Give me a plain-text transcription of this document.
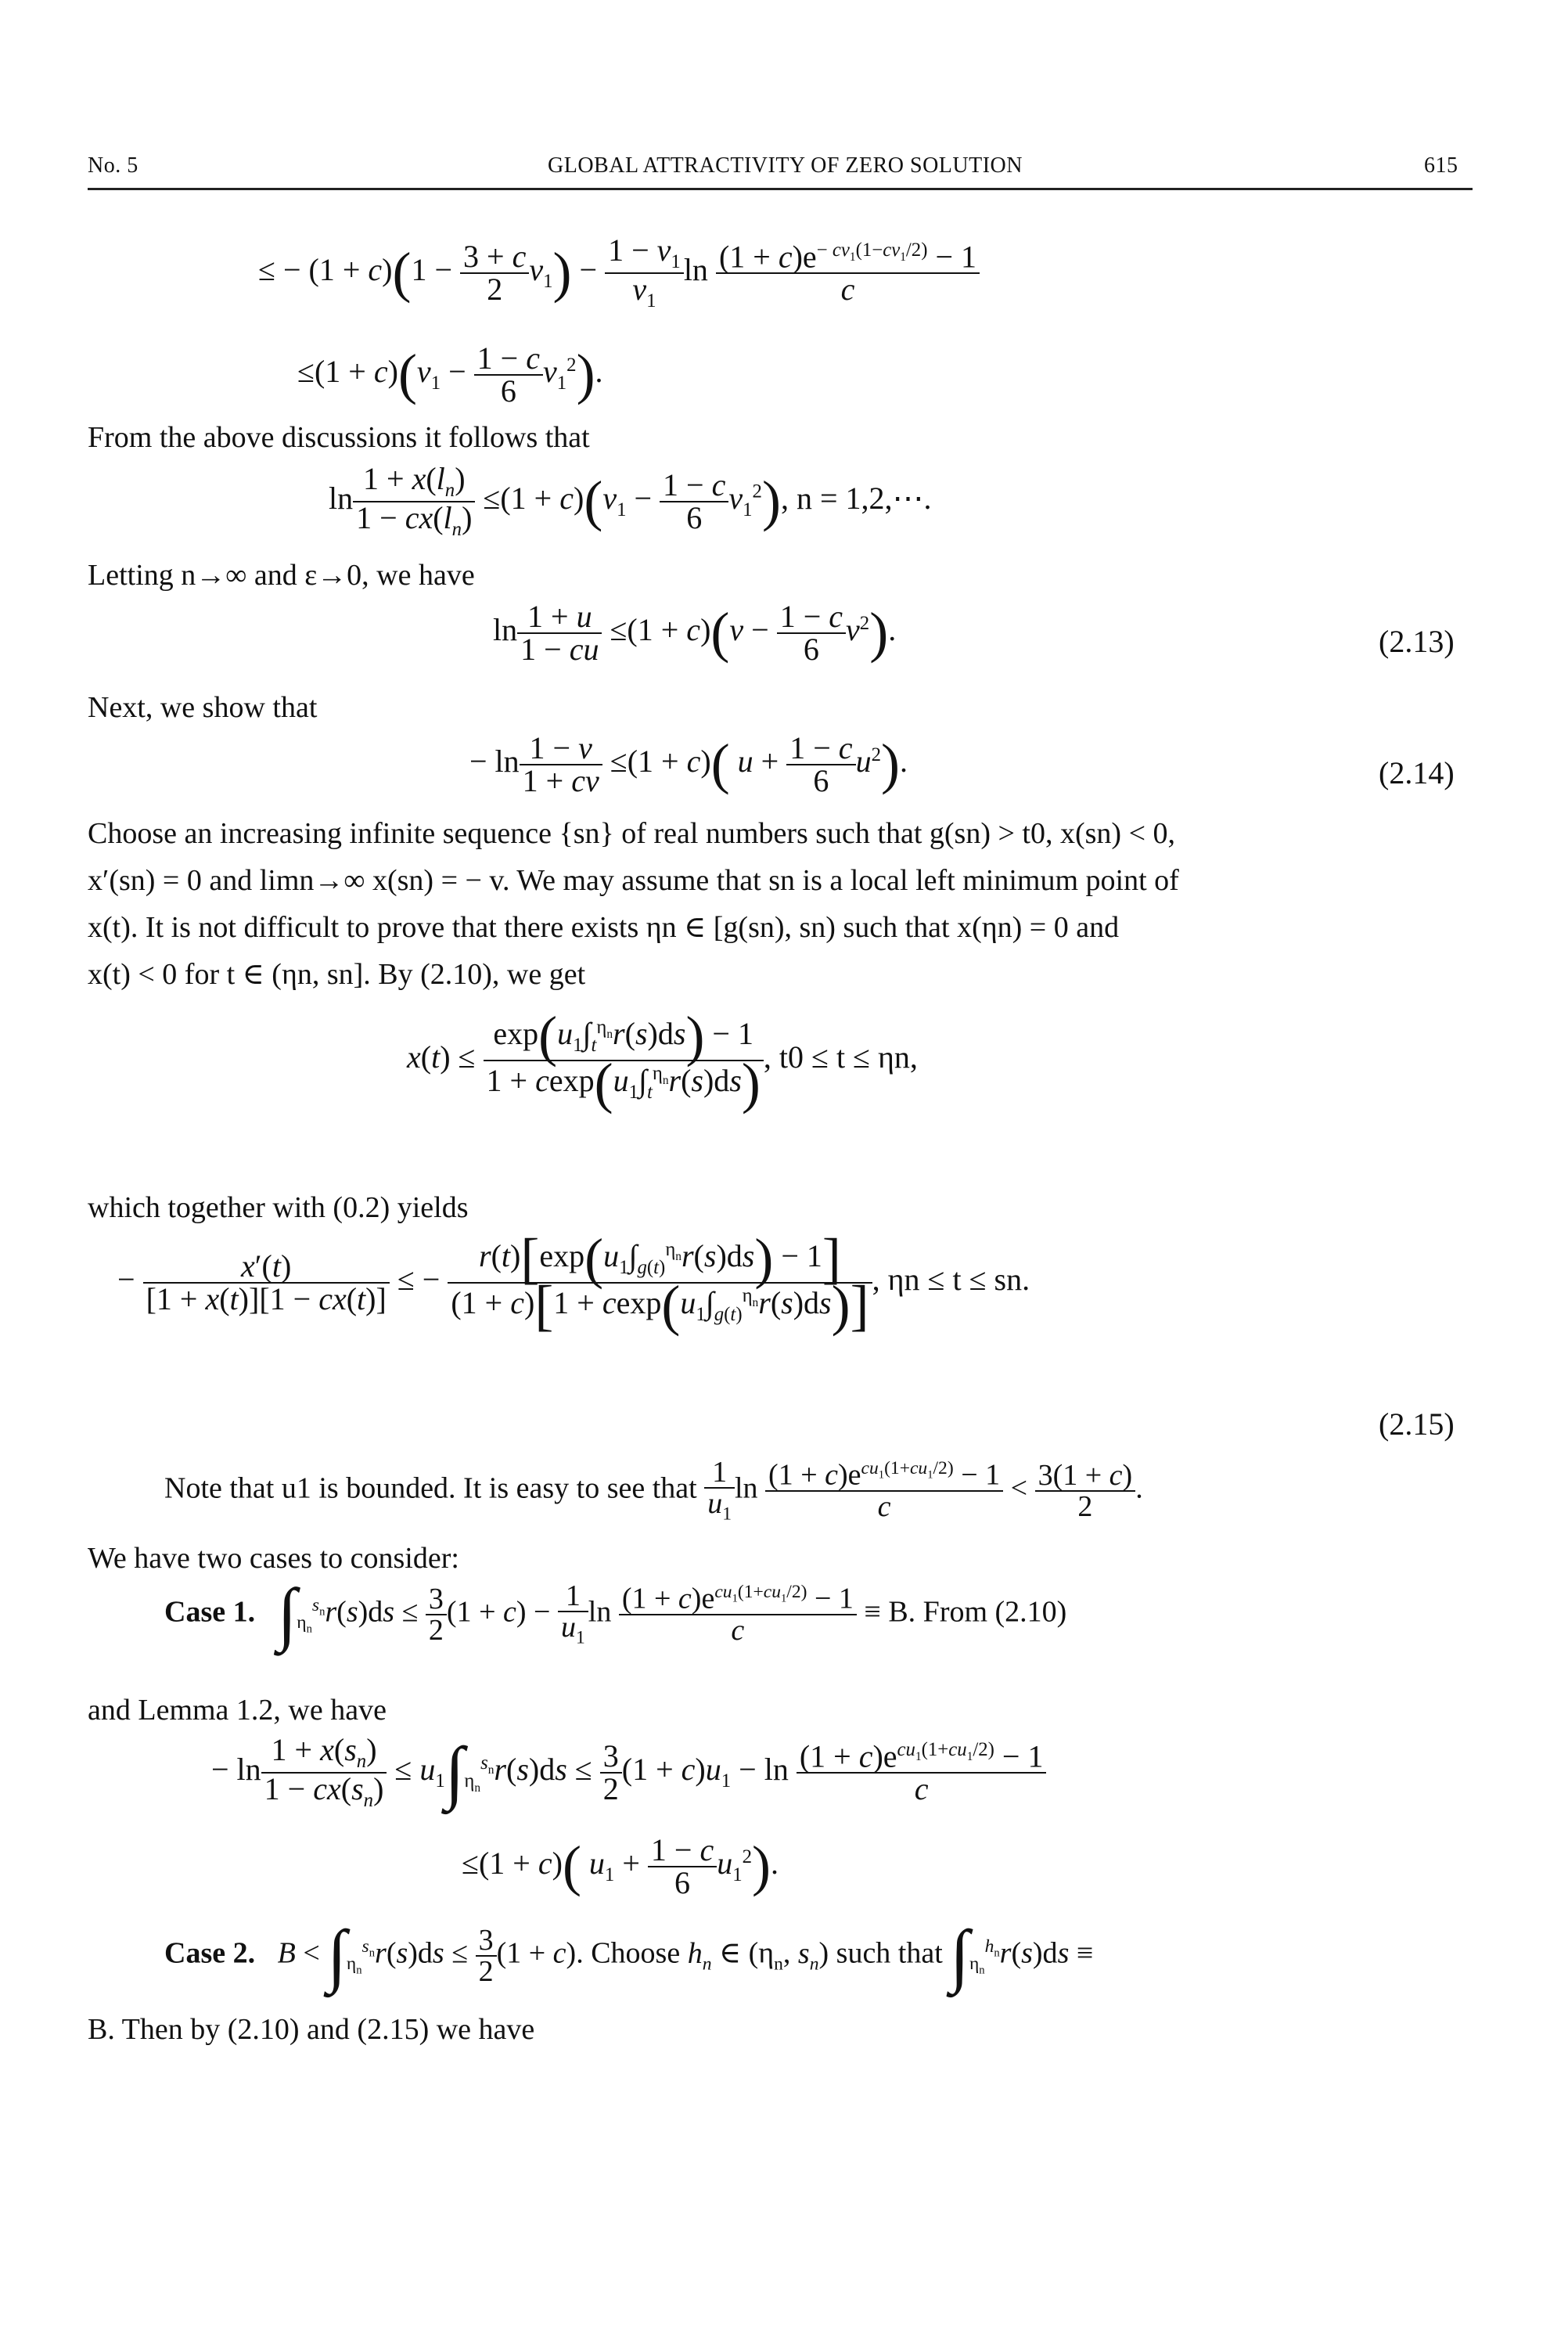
No. 5	GLOBAL ATTRACTIVITY OF ZERO SOLUTION	615
≤ − $(1 + c)(1 - \frac{3 + c}{2} v_1) - \frac{1 - v_1}{v_1}$ $\ln \frac{(1 + c)e^{- cv_1(1-cv_1/2)} - 1}{c}$
$\le(1 + c)(v_1 - \frac{1 - c}{6} v_1^2)$.
From the above discussions it follows that
$\ln \frac{1 + x(l_n)}{1 - cx(l_n)} \le(1 + c)(v_1 - \frac{1 - c}{6} v_1^2)$, n = 1,2,⋯.
Letting n→∞ and ε→0, we have
$\ln \frac{1 + u}{1 - cu} \le(1 + c)(v - \frac{1 - c}{6} v^2)$.	(2.13)
Next, we show that
− $\ln \frac{1 - v}{1 + cv} \le(1 + c)$( $u + \frac{1 - c}{6} u^2$).	(2.14)
Choose an increasing infinite sequence {sn} of real numbers such that g(sn) > t0, x(sn) < 0,
x′(sn) = 0 and limn→∞ x(sn) = − v. We may assume that sn is a local left minimum point of
x(t). It is not difficult to prove that there exists ηn ∈ [g(sn), sn) such that x(ηn) = 0 and
x(t) < 0 for t ∈ (ηn, sn]. By (2.10), we get
$x(t) \le \frac{\exp(u_1\int_t^{\eta_n}r(s)ds) - 1}{1 + cexp(u_1\int_t^{\eta_n}r(s)ds)}$ , t0 ≤ t ≤ ηn,
which together with (0.2) yields
− $\frac{x'(t)}{[1 + x(t)][1 - cx(t)]}$ ≤ − $\frac{r(t)[\exp(u_1\int_{g(t)}^{\eta_n}r(s)ds) - 1]}{(1 + c)[1 + cexp(u_1\int_{g(t)}^{\eta_n}r(s)ds)]}$ , ηn ≤ t ≤ sn.
(2.15)
Note that u1 is bounded. It is easy to see that $\frac{1}{u_1}$ $\ln \frac{(1 + c)e^{cu_1(1+cu_1/2)} - 1}{c} < \frac{3(1 + c)}{2}$ .
We have two cases to consider:
Case 1. $\int_{\eta_n}^{s_n}r(s)ds \le \frac{3}{2} (1 + c) - \frac{1}{u_1}$ $\ln \frac{(1 + c)e^{cu_1(1+cu_1/2)} - 1}{c} \equiv B$. From (2.10)
and Lemma 1.2, we have
− $\ln \frac{1 + x(s_n)}{1 - cx(s_n)} \le u_1\int_{\eta_n}^{s_n}r(s)ds \le \frac{3}{2} (1 + c)u_1 - \ln \frac{(1 + c)e^{cu_1(1+cu_1/2)} - 1}{c}$
≤(1 + c)( $u_1 + \frac{1 - c}{6} u_1^2$).
Case 2. $B < \int_{\eta_n}^{s_n}r(s)ds \le \frac{3}{2} (1 + c)$. Choose $h_n$ ∈ ($\eta_n$, $s_n$) such that $\int_{\eta_n}^{h_n}r(s)ds$ ≡
B. Then by (2.10) and (2.15) we have
